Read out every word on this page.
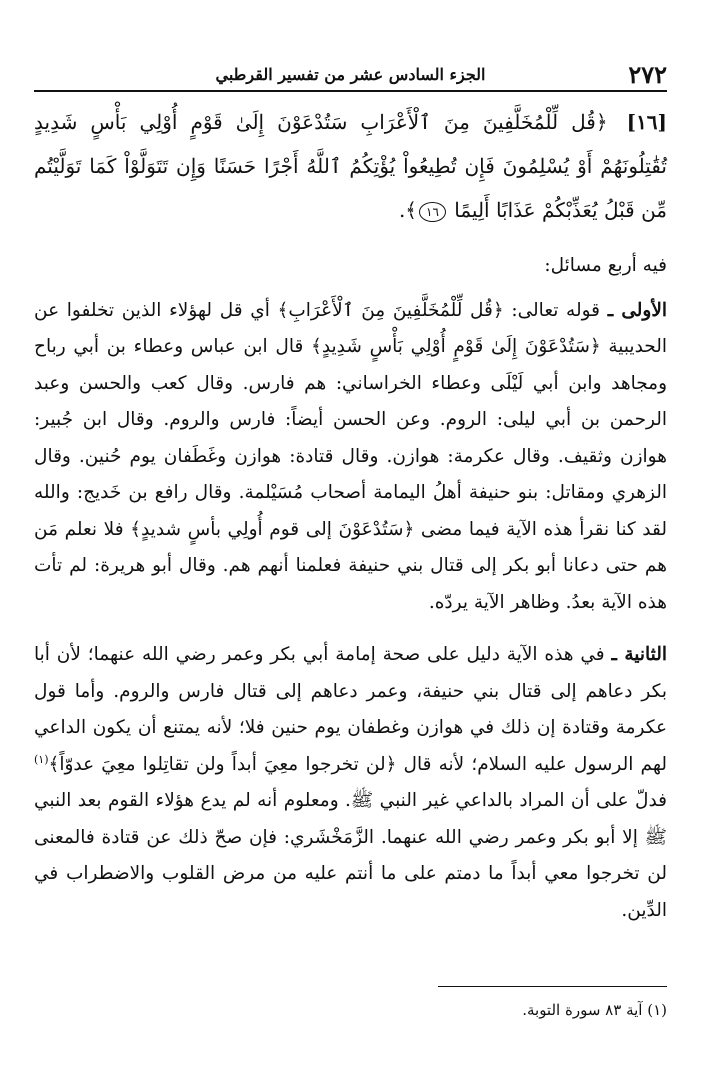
٢٧٢
الجزء السادس عشر من تفسير القرطبي

[١٦] ﴿قُل لِّلْمُخَلَّفِينَ مِنَ ٱلْأَعْرَابِ سَتُدْعَوْنَ إِلَىٰ قَوْمٍ أُوْلِي بَأْسٍ شَدِيدٍ تُقَٰتِلُونَهُمْ أَوْ يُسْلِمُونَ فَإِن تُطِيعُواْ يُؤْتِكُمُ ٱللَّهُ أَجْرًا حَسَنًا وَإِن تَتَوَلَّوْاْ كَمَا تَوَلَّيْتُم مِّن قَبْلُ يُعَذِّبْكُمْ عَذَابًا أَلِيمًا ١٦﴾.

فيه أربع مسائل:

الأولى ـ قوله تعالى: ﴿قُل لِّلْمُخَلَّفِينَ مِنَ ٱلْأَعْرَابِ﴾ أي قل لهؤلاء الذين تخلفوا عن الحديبية ﴿سَتُدْعَوْنَ إِلَىٰ قَوْمٍ أُوْلِي بَأْسٍ شَدِيدٍ﴾ قال ابن عباس وعطاء بن أبي رباح ومجاهد وابن أبي لَيْلَى وعطاء الخراساني: هم فارس. وقال كعب والحسن وعبد الرحمن بن أبي ليلى: الروم. وعن الحسن أيضاً: فارس والروم. وقال ابن جُبير: هوازن وثقيف. وقال عكرمة: هوازن. وقال قتادة: هوازن وغَطَفان يوم حُنين. وقال الزهري ومقاتل: بنو حنيفة أهلُ اليمامة أصحاب مُسَيْلمة. وقال رافع بن خَديج: والله لقد كنا نقرأ هذه الآية فيما مضى ﴿سَتُدْعَوْنَ إلى قوم أُولِي بأسٍ شديدٍ﴾ فلا نعلم مَن هم حتى دعانا أبو بكر إلى قتال بني حنيفة فعلمنا أنهم هم. وقال أبو هريرة: لم تأت هذه الآية بعدُ. وظاهر الآية يردّه.

الثانية ـ في هذه الآية دليل على صحة إمامة أبي بكر وعمر رضي الله عنهما؛ لأن أبا بكر دعاهم إلى قتال بني حنيفة، وعمر دعاهم إلى قتال فارس والروم. وأما قول عكرمة وقتادة إن ذلك في هوازن وغطفان يوم حنين فلا؛ لأنه يمتنع أن يكون الداعي لهم الرسول عليه السلام؛ لأنه قال ﴿لن تخرجوا معِيَ أبداً ولن تقاتِلوا معِيَ عدوّاً﴾$^{(١)}$ فدلّ على أن المراد بالداعي غير النبي ﷺ. ومعلوم أنه لم يدع هؤلاء القوم بعد النبي ﷺ إلا أبو بكر وعمر رضي الله عنهما. الزَّمَخْشَري: فإن صحّ ذلك عن قتادة فالمعنى لن تخرجوا معي أبداً ما دمتم على ما أنتم عليه من مرض القلوب والاضطراب في الدِّين.

(١) آية ٨٣ سورة التوبة.
